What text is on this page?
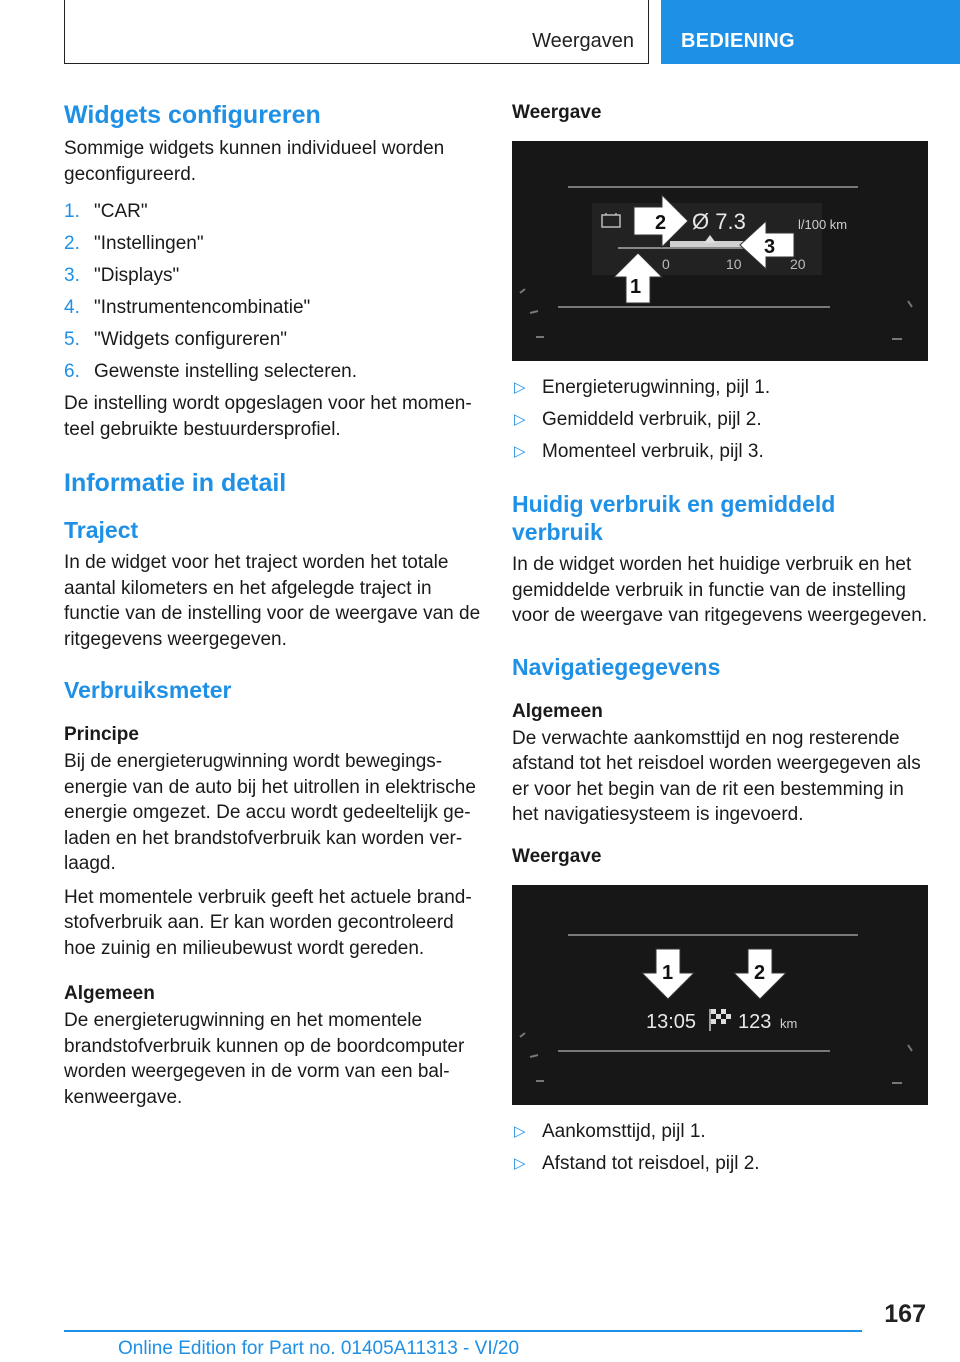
Weergaven BEDIENING
Widgets configureren

Sommige widgets kunnen individueel worden geconfigureerd.

1. "CAR"
2. "Instellingen"
3. "Displays"
4. "Instrumentencombinatie"
5. "Widgets configureren"
6. Gewenste instelling selecteren.

De instelling wordt opgeslagen voor het momenteel gebruikte bestuurdersprofiel.

Informatie in detail
Traject

In de widget voor het traject worden het totale aantal kilometers en het afgelegde traject in functie van de instelling voor de weergave van de ritgegevens weergegeven.

Verbruiksmeter
Principe

Bij de energieterugwinning wordt bewegingsenergie van de auto bij het uitrollen in elektrische energie omgezet. De accu wordt gedeeltelijk geladen en het brandstofverbruik kan worden verlaagd.

Het momentele verbruik geeft het actuele brandstofverbruik aan. Er kan worden gecontroleerd hoe zuinig en milieubewust wordt gereden.

Algemeen

De energieterugwinning en het momentele brandstofverbruik kunnen op de boordcomputer worden weergegeven in de vorm van een balkenweergave.

Weergave
Ø 7.3	l/100 km
0	10	20
1
2
3
▷ Energieterugwinning, pijl 1.
▷ Gemiddeld verbruik, pijl 2.
▷ Momenteel verbruik, pijl 3.
Huidig verbruik en gemiddeld verbruik

In de widget worden het huidige verbruik en het gemiddelde verbruik in functie van de instelling voor de weergave van ritgegevens weergegeven.

Navigatiegegevens
Algemeen

De verwachte aankomsttijd en nog resterende afstand tot het reisdoel worden weergegeven als er voor het begin van de rit een bestemming in het navigatiesysteem is ingevoerd.

Weergave
1	2
13:05 123 km
▷ Aankomsttijd, pijl 1.
▷ Afstand tot reisdoel, pijl 2.
167
Online Edition for Part no. 01405A11313 - VI/20
